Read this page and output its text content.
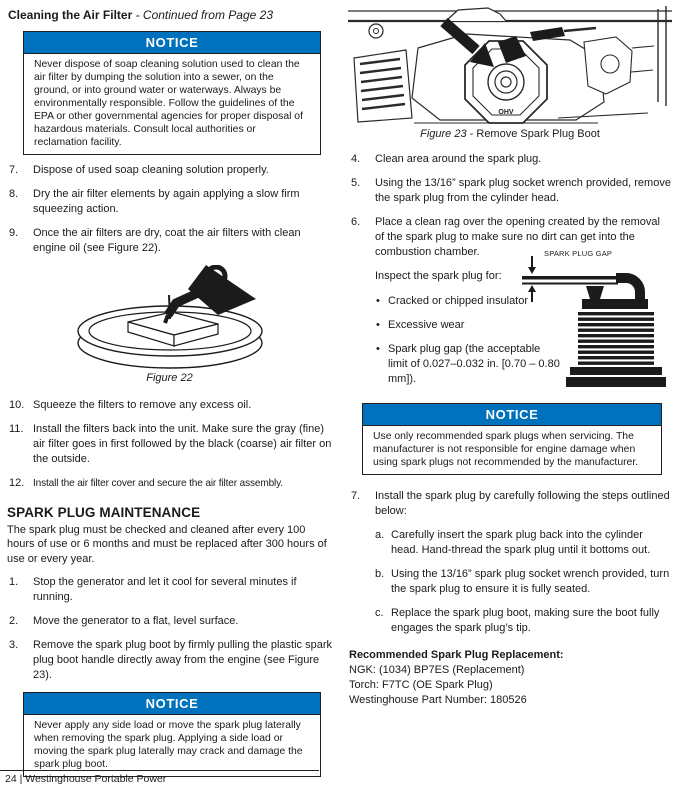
Cleaning the Air Filter - Continued from Page 23
NOTICE
Never dispose of soap cleaning solution used to clean the air filter by dumping the solution into a sewer, on the ground, or into ground water or waterways. Always be environmentally responsible. Follow the guidelines of the EPA or other governmental agencies for proper disposal of hazardous materials. Consult local authorities or reclamation facility.
7.	Dispose of used soap cleaning solution properly.
8.	Dry the air filter elements by again applying a slow firm squeezing action.
9.	Once the air filters are dry, coat the air filters with clean engine oil (see Figure 22).
Figure 22
10. Squeeze the filters to remove any excess oil.
11. Install the filters back into the unit. Make sure the gray (fine) air filter goes in first followed by the black (coarse) air filter on the outside.
12. Install the air filter cover and secure the air filter assembly.
SPARK PLUG MAINTENANCE
The spark plug must be checked and cleaned after every 100 hours of use or 6 months and must be replaced after 300 hours of use or every year.
1.	Stop the generator and let it cool for several minutes if running.
2.	Move the generator to a flat, level surface.
3.	Remove the spark plug boot by firmly pulling the plastic spark plug boot handle directly away from the engine (see Figure 23).
NOTICE
Never apply any side load or move the spark plug laterally when removing the spark plug. Applying a side load or moving the spark plug laterally may crack and damage the spark plug boot.
OHV
Figure 23 - Remove Spark Plug Boot
4.	Clean area around the spark plug.
5.	Using the 13/16” spark plug socket wrench provided, remove the spark plug from the cylinder head.
6.	Place a clean rag over the opening created by the removal of the spark plug to make sure no dirt can get into the combustion chamber.
Inspect the spark plug for:
• Cracked or chipped insulator
• Excessive wear
• Spark plug gap (the acceptable limit of 0.027–0.032 in. [0.70 – 0.80 mm]).
SPARK PLUG GAP
NOTICE
Use only recommended spark plugs when servicing. The manufacturer is not responsible for engine damage when using spark plugs not recommended by the manufacturer.
7.	Install the spark plug by carefully following the steps outlined below:
a. Carefully insert the spark plug back into the cylinder head. Hand-thread the spark plug until it bottoms out.
b. Using the 13/16” spark plug socket wrench provided, turn the spark plug to ensure it is fully seated.
c. Replace the spark plug boot, making sure the boot fully engages the spark plug’s tip.
Recommended Spark Plug Replacement:
NGK: (1034) BP7ES (Replacement)
Torch: F7TC (OE Spark Plug)
Westinghouse Part Number: 180526
24 | Westinghouse Portable Power
